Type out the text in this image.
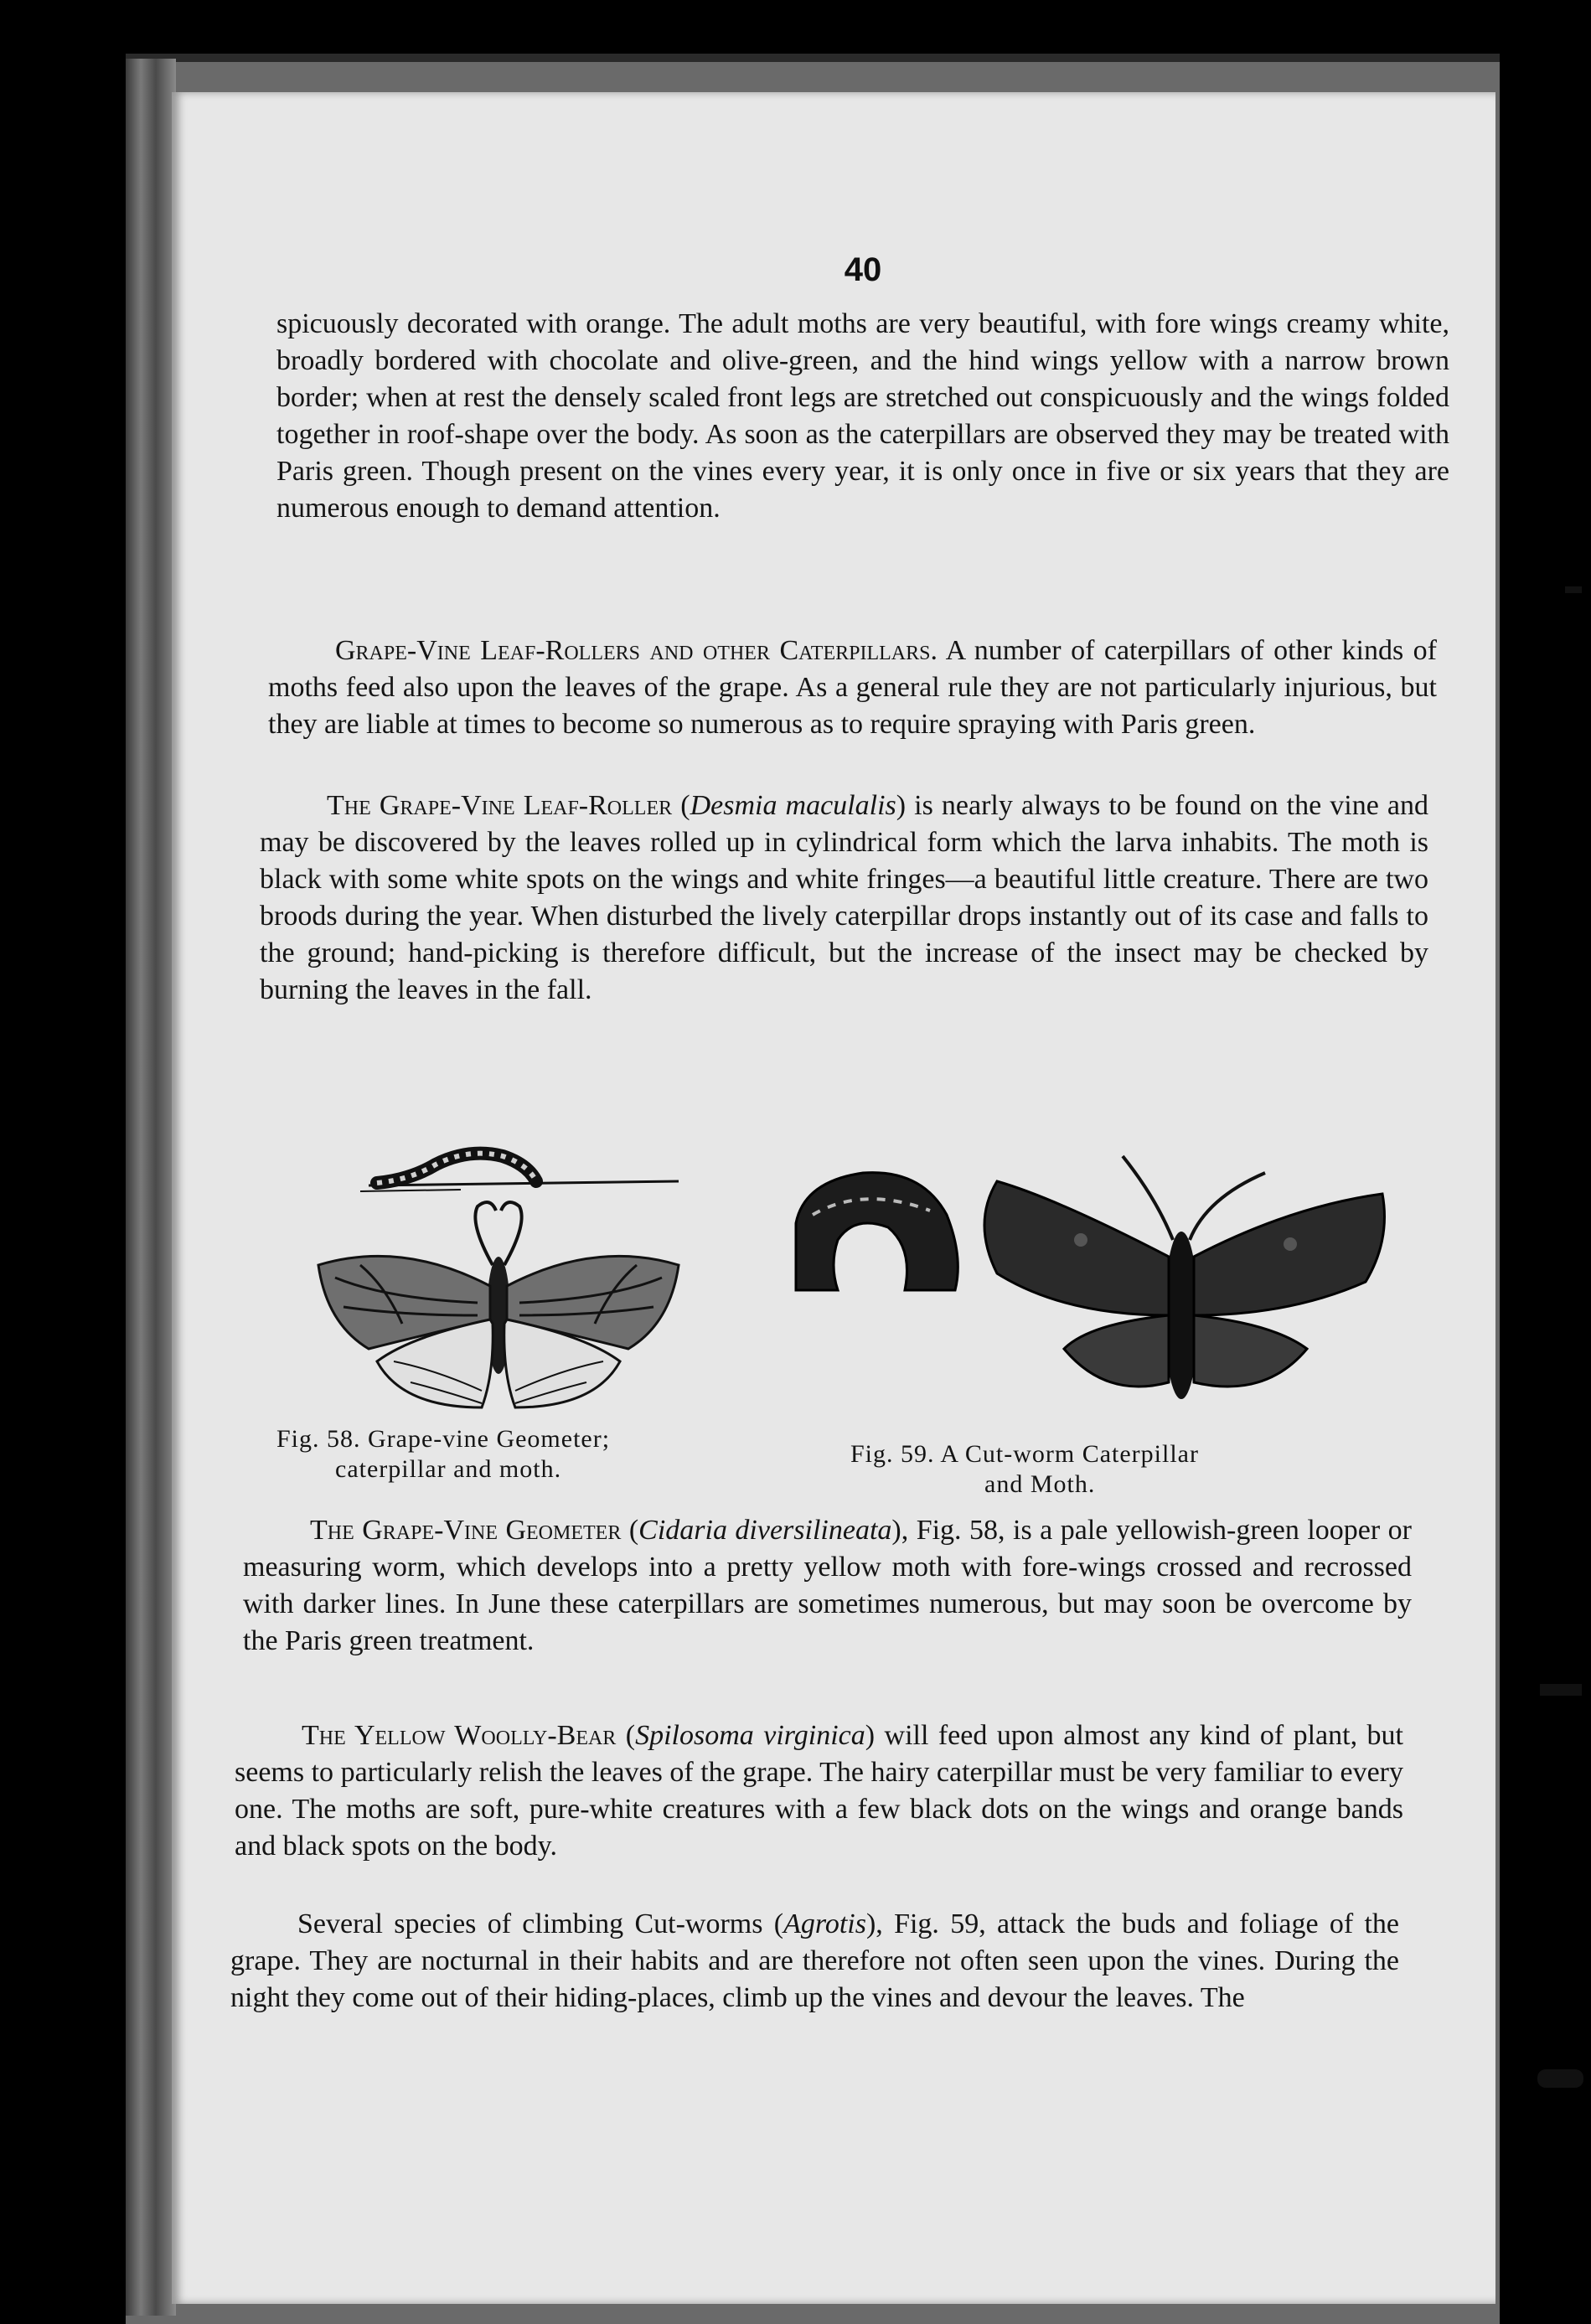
40

spicuously decorated with orange. The adult moths are very beautiful, with fore wings creamy white, broadly bordered with chocolate and olive-green, and the hind wings yellow with a narrow brown border; when at rest the densely scaled front legs are stretched out conspicuously and the wings folded together in roof-shape over the body. As soon as the caterpillars are observed they may be treated with Paris green. Though present on the vines every year, it is only once in five or six years that they are numerous enough to demand attention.

Grape-Vine Leaf-Rollers and other Caterpillars. A number of caterpillars of other kinds of moths feed also upon the leaves of the grape. As a general rule they are not particularly injurious, but they are liable at times to become so numerous as to require spraying with Paris green.

The Grape-Vine Leaf-Roller (Desmia maculalis) is nearly always to be found on the vine and may be discovered by the leaves rolled up in cylindrical form which the larva inhabits. The moth is black with some white spots on the wings and white fringes—a beautiful little creature. There are two broods during the year. When disturbed the lively caterpillar drops instantly out of its case and falls to the ground; hand-picking is therefore difficult, but the increase of the insect may be checked by burning the leaves in the fall.

Fig. 58. Grape-vine Geometer;
caterpillar and moth.
Fig. 59. A Cut-worm Caterpillar
and Moth.

The Grape-Vine Geometer (Cidaria diversilineata), Fig. 58, is a pale yellowish-green looper or measuring worm, which develops into a pretty yellow moth with fore-wings crossed and recrossed with darker lines. In June these caterpillars are sometimes numerous, but may soon be overcome by the Paris green treatment.

The Yellow Woolly-Bear (Spilosoma virginica) will feed upon almost any kind of plant, but seems to particularly relish the leaves of the grape. The hairy caterpillar must be very familiar to every one. The moths are soft, pure-white creatures with a few black dots on the wings and orange bands and black spots on the body.

Several species of climbing Cut-worms (Agrotis), Fig. 59, attack the buds and foliage of the grape. They are nocturnal in their habits and are therefore not often seen upon the vines. During the night they come out of their hiding-places, climb up the vines and devour the leaves. The
